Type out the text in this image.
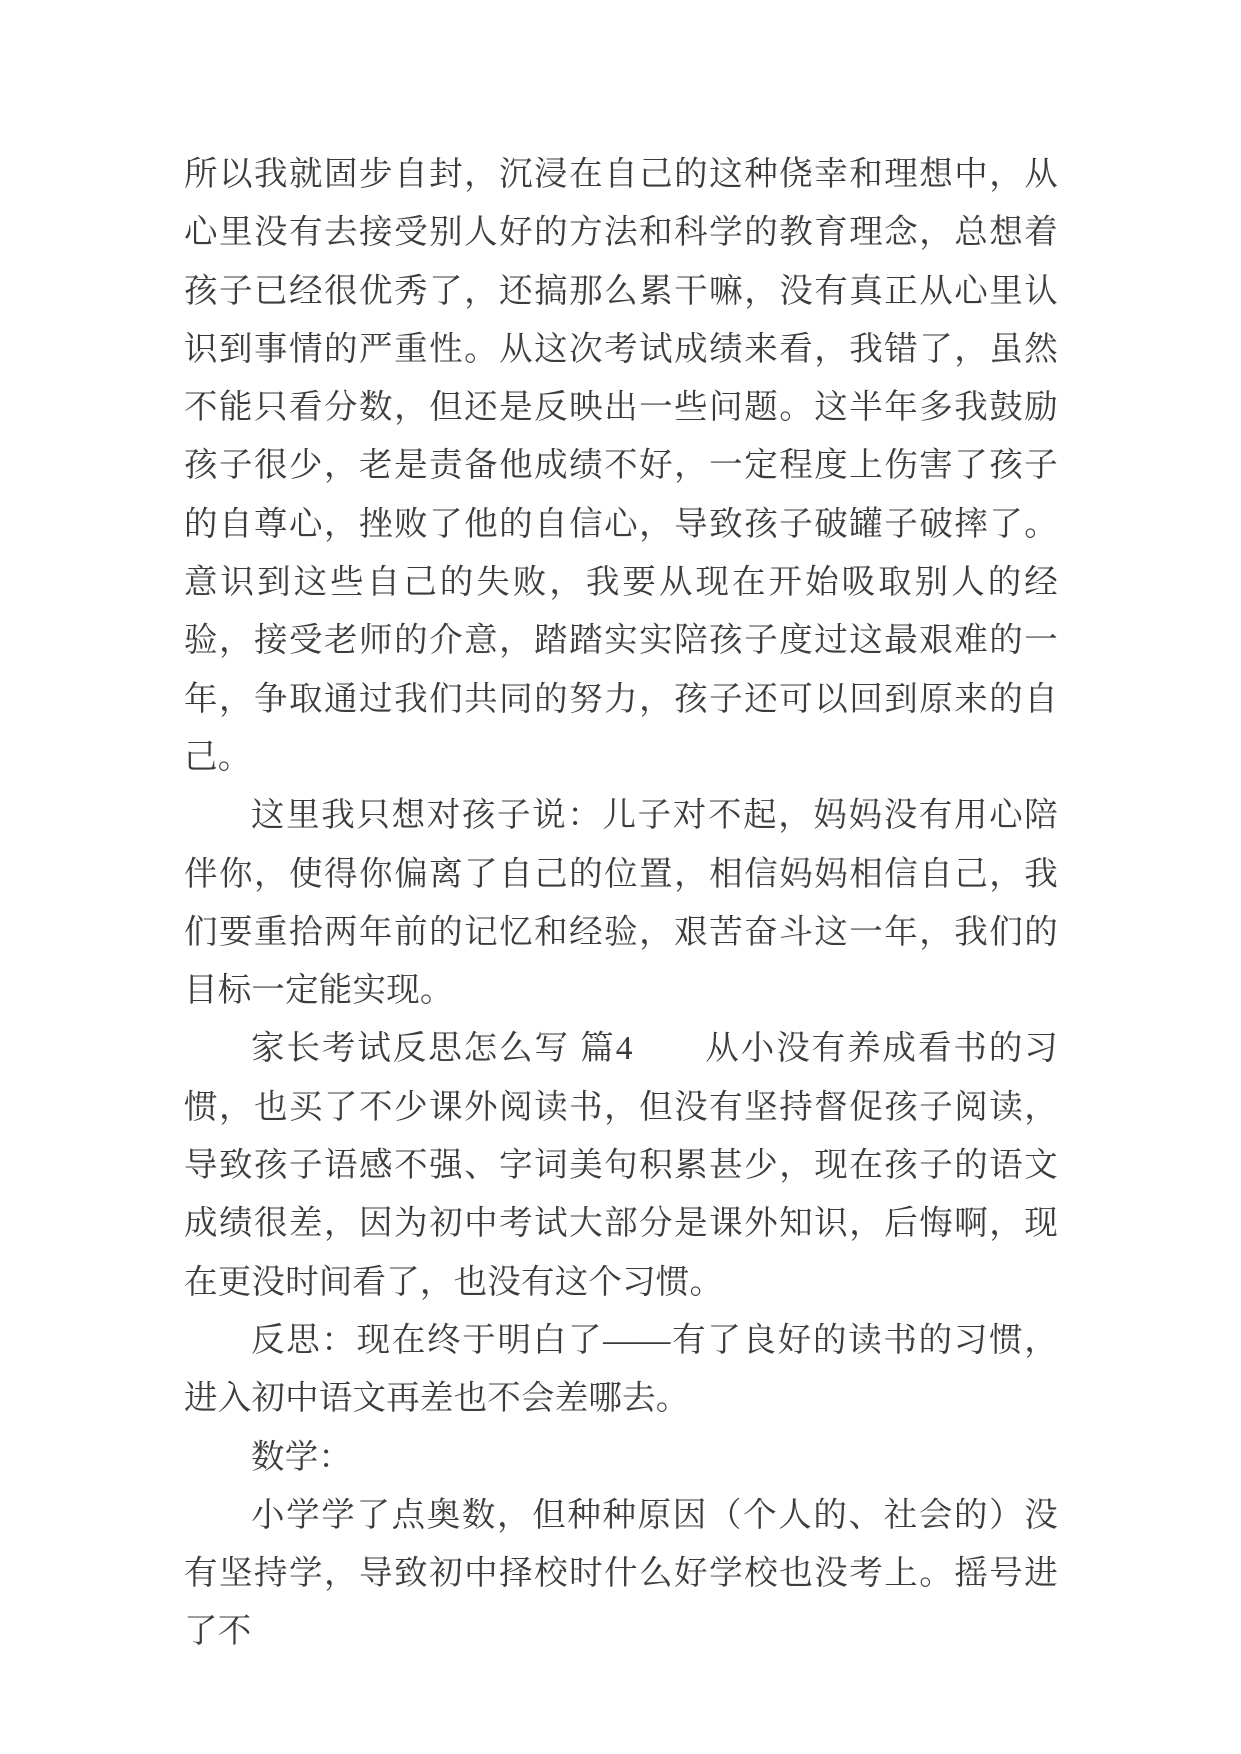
所以我就固步自封，沉浸在自己的这种侥幸和理想中，从心里没有去接受别人好的方法和科学的教育理念，总想着孩子已经很优秀了，还搞那么累干嘛，没有真正从心里认识到事情的严重性。从这次考试成绩来看，我错了，虽然不能只看分数，但还是反映出一些问题。这半年多我鼓励孩子很少，老是责备他成绩不好，一定程度上伤害了孩子的自尊心，挫败了他的自信心，导致孩子破罐子破摔了。意识到这些自己的失败，我要从现在开始吸取别人的经验，接受老师的介意，踏踏实实陪孩子度过这最艰难的一年，争取通过我们共同的努力，孩子还可以回到原来的自己。

这里我只想对孩子说：儿子对不起，妈妈没有用心陪伴你，使得你偏离了自己的位置，相信妈妈相信自己，我们要重拾两年前的记忆和经验，艰苦奋斗这一年，我们的目标一定能实现。

家长考试反思怎么写 篇4　　从小没有养成看书的习惯，也买了不少课外阅读书，但没有坚持督促孩子阅读，导致孩子语感不强、字词美句积累甚少，现在孩子的语文成绩很差，因为初中考试大部分是课外知识，后悔啊，现在更没时间看了，也没有这个习惯。

反思：现在终于明白了——有了良好的读书的习惯，进入初中语文再差也不会差哪去。

数学：

小学学了点奥数，但种种原因（个人的、社会的）没有坚持学，导致初中择校时什么好学校也没考上。摇号进了不
